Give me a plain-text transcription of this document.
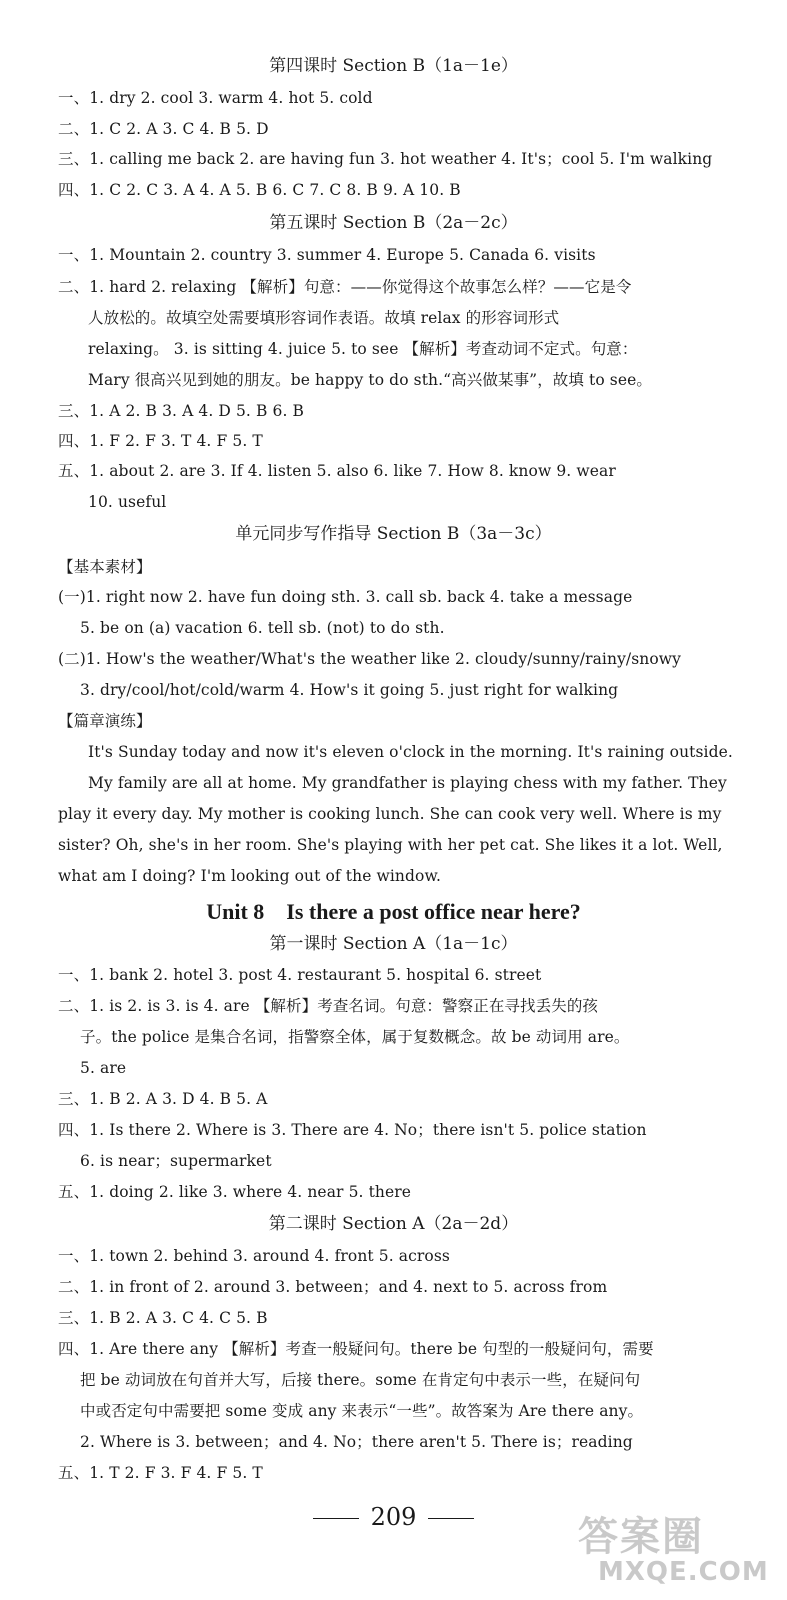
第四课时 Section B（1a－1e）
一、1. dry 2. cool 3. warm 4. hot 5. cold
二、1. C 2. A 3. C 4. B 5. D
三、1. calling me back 2. are having fun 3. hot weather 4. It's；cool 5. I'm walking
四、1. C 2. C 3. A 4. A 5. B 6. C 7. C 8. B 9. A 10. B
第五课时 Section B（2a－2c）
一、1. Mountain 2. country 3. summer 4. Europe 5. Canada 6. visits
二、1. hard 2. relaxing 【解析】句意：——你觉得这个故事怎么样？——它是令
人放松的。故填空处需要填形容词作表语。故填 relax 的形容词形式
relaxing。 3. is sitting 4. juice 5. to see 【解析】考查动词不定式。句意：
Mary 很高兴见到她的朋友。be happy to do sth.“高兴做某事”，故填 to see。
三、1. A 2. B 3. A 4. D 5. B 6. B
四、1. F 2. F 3. T 4. F 5. T
五、1. about 2. are 3. If 4. listen 5. also 6. like 7. How 8. know 9. wear
10. useful
单元同步写作指导 Section B（3a－3c）
【基本素材】
(一)1. right now 2. have fun doing sth. 3. call sb. back 4. take a message
5. be on (a) vacation 6. tell sb. (not) to do sth.
(二)1. How's the weather/What's the weather like 2. cloudy/sunny/rainy/snowy
3. dry/cool/hot/cold/warm 4. How's it going 5. just right for walking
【篇章演练】
It's Sunday today and now it's eleven o'clock in the morning. It's raining outside.
My family are all at home. My grandfather is playing chess with my father. They
play it every day. My mother is cooking lunch. She can cook very well. Where is my
sister? Oh, she's in her room. She's playing with her pet cat. She likes it a lot. Well,
what am I doing? I'm looking out of the window.
Unit 8　Is there a post office near here?
第一课时 Section A（1a－1c）
一、1. bank 2. hotel 3. post 4. restaurant 5. hospital 6. street
二、1. is 2. is 3. is 4. are 【解析】考查名词。句意：警察正在寻找丢失的孩
子。the police 是集合名词，指警察全体，属于复数概念。故 be 动词用 are。
5. are
三、1. B 2. A 3. D 4. B 5. A
四、1. Is there 2. Where is 3. There are 4. No；there isn't 5. police station
6. is near；supermarket
五、1. doing 2. like 3. where 4. near 5. there
第二课时 Section A（2a－2d）
一、1. town 2. behind 3. around 4. front 5. across
二、1. in front of 2. around 3. between；and 4. next to 5. across from
三、1. B 2. A 3. C 4. C 5. B
四、1. Are there any 【解析】考查一般疑问句。there be 句型的一般疑问句，需要
把 be 动词放在句首并大写，后接 there。some 在肯定句中表示一些，在疑问句
中或否定句中需要把 some 变成 any 来表示“一些”。故答案为 Are there any。
2. Where is 3. between；and 4. No；there aren't 5. There is；reading
五、1. T 2. F 3. F 4. F 5. T
209	答案圈
MXQE.COM
